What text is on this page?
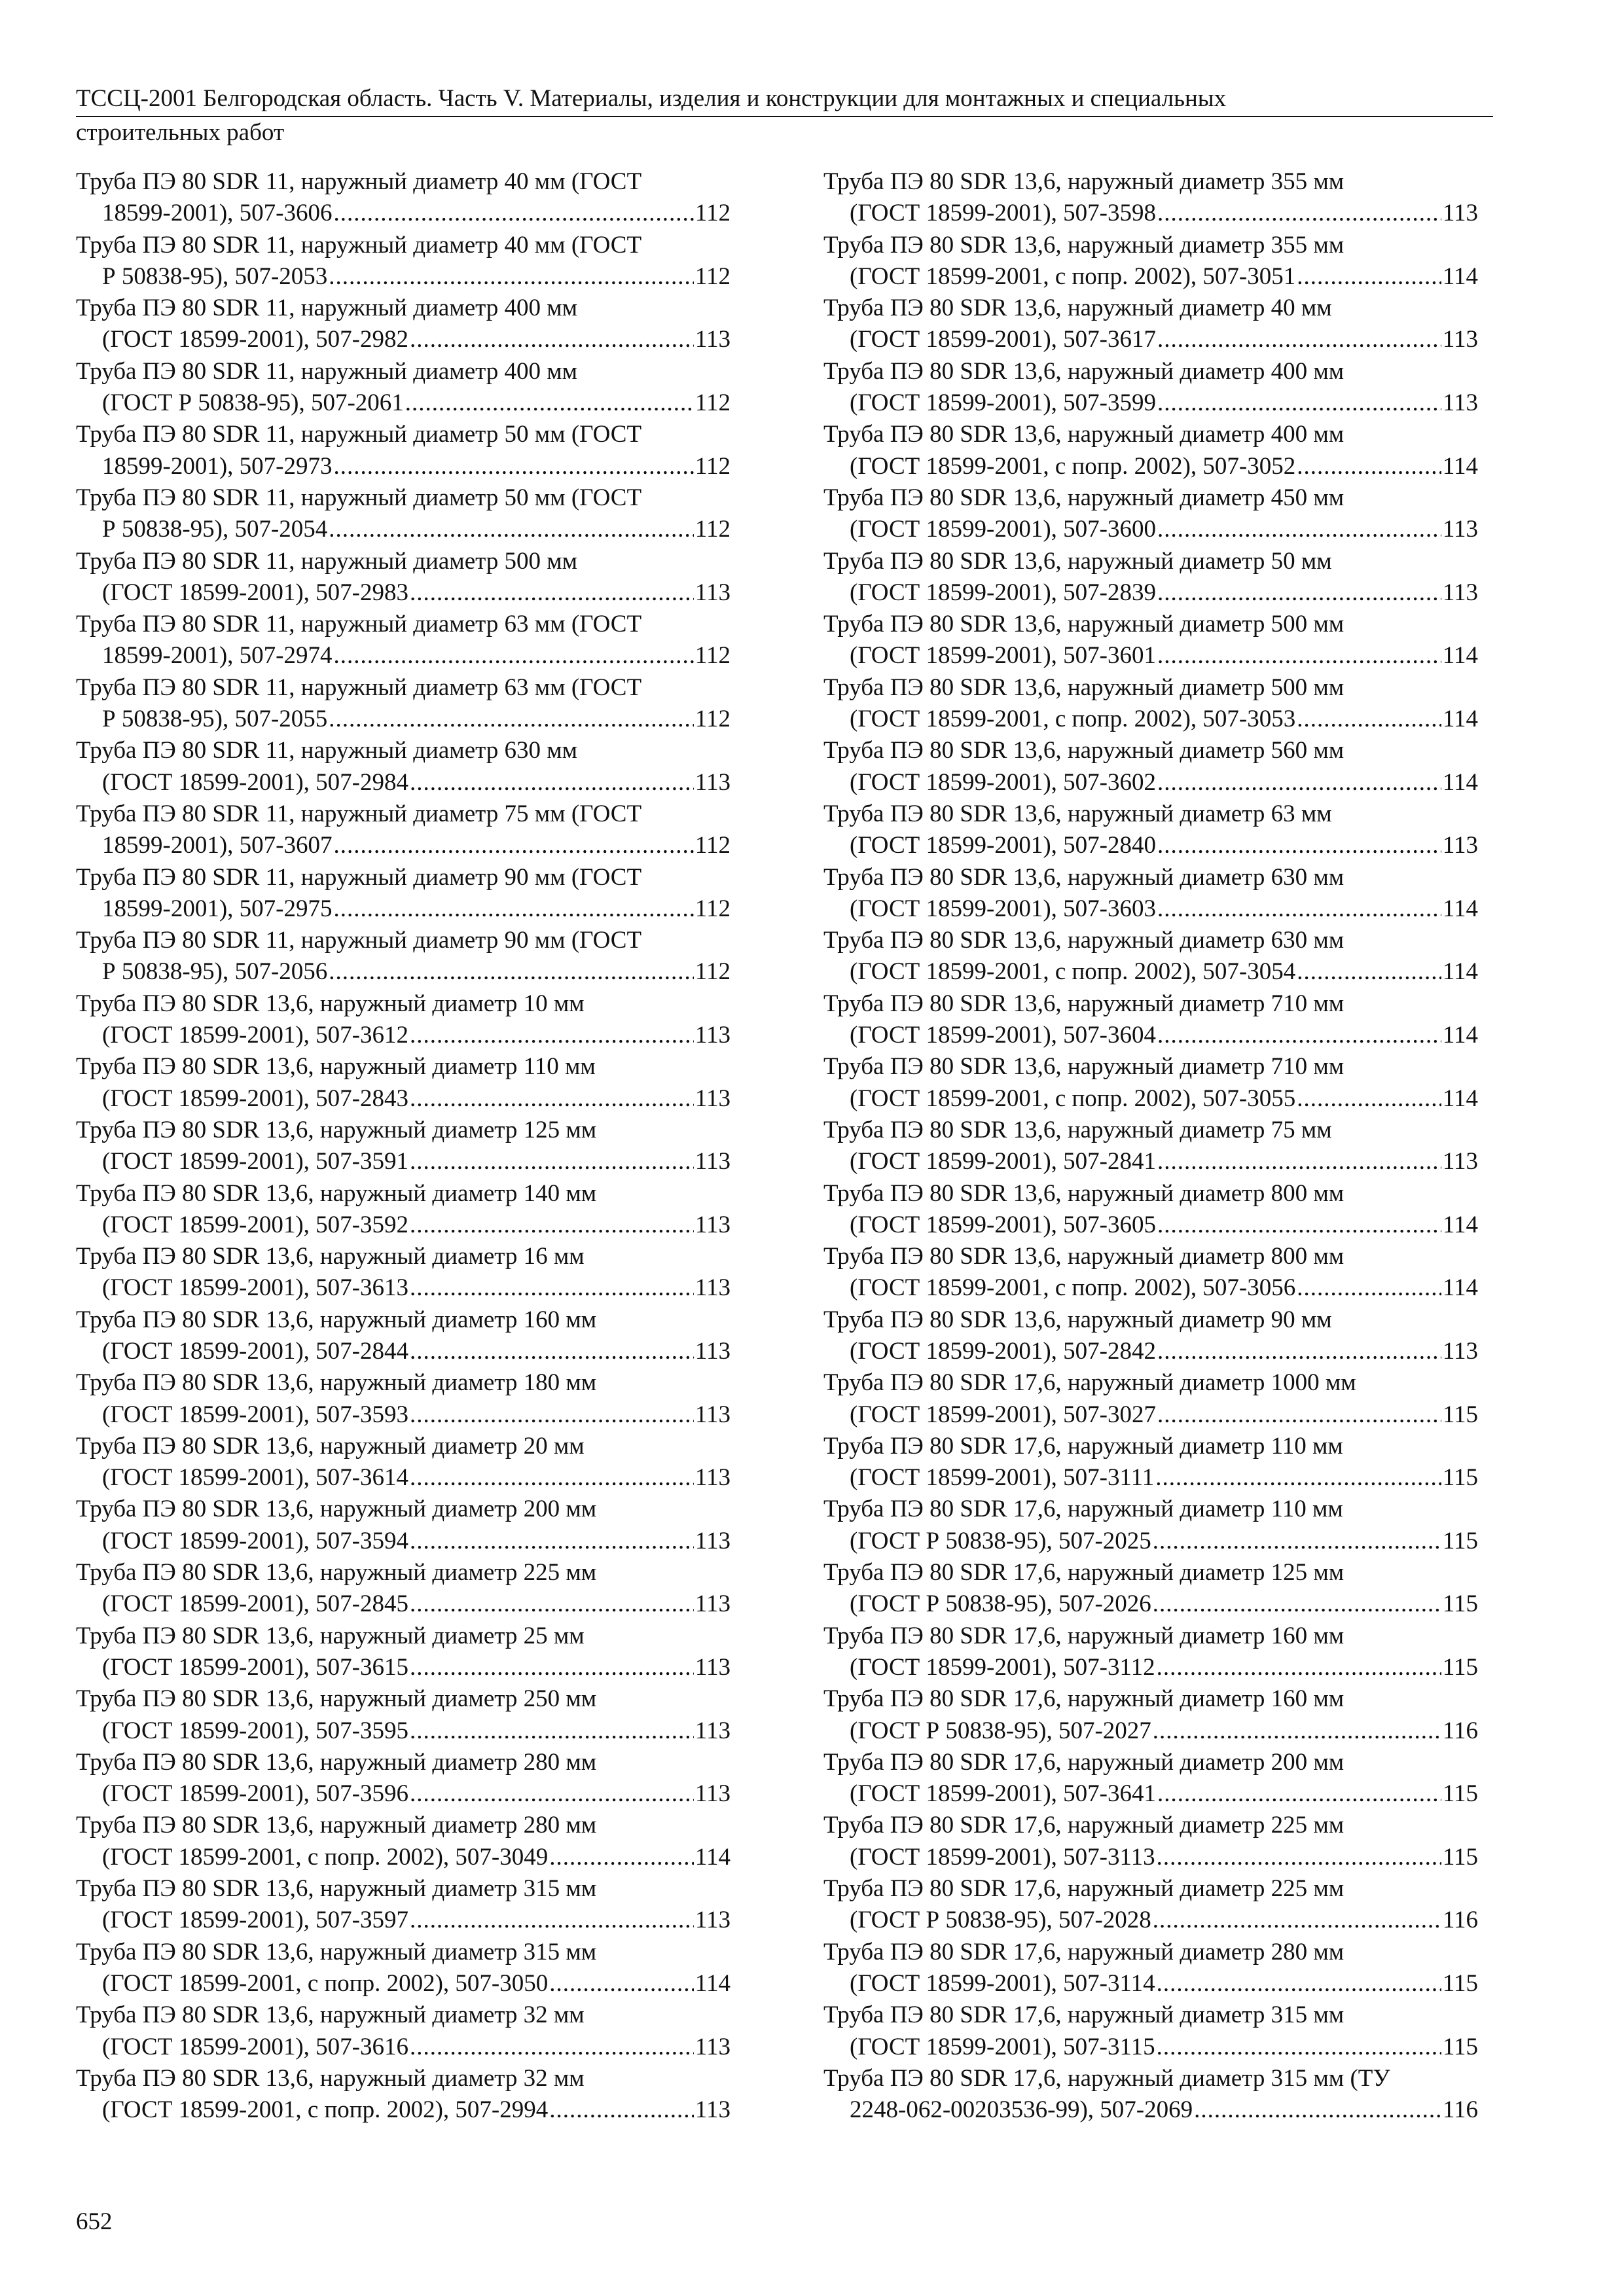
ТССЦ-2001 Белгородская область. Часть V. Материалы, изделия и конструкции для монтажных и специальных
строительных работ
Труба ПЭ 80 SDR 11, наружный диаметр 40 мм (ГОСТ
18599-2001), 507-3606 .....	112
Труба ПЭ 80 SDR 11, наружный диаметр 40 мм (ГОСТ
Р 50838-95), 507-2053 .....	112
Труба ПЭ 80 SDR 11, наружный диаметр 400 мм
(ГОСТ 18599-2001), 507-2982 .....	113
Труба ПЭ 80 SDR 11, наружный диаметр 400 мм
(ГОСТ Р 50838-95), 507-2061 .....	112
Труба ПЭ 80 SDR 11, наружный диаметр 50 мм (ГОСТ
18599-2001), 507-2973 .....	112
Труба ПЭ 80 SDR 11, наружный диаметр 50 мм (ГОСТ
Р 50838-95), 507-2054 .....	112
Труба ПЭ 80 SDR 11, наружный диаметр 500 мм
(ГОСТ 18599-2001), 507-2983 .....	113
Труба ПЭ 80 SDR 11, наружный диаметр 63 мм (ГОСТ
18599-2001), 507-2974 .....	112
Труба ПЭ 80 SDR 11, наружный диаметр 63 мм (ГОСТ
Р 50838-95), 507-2055 .....	112
Труба ПЭ 80 SDR 11, наружный диаметр 630 мм
(ГОСТ 18599-2001), 507-2984 .....	113
Труба ПЭ 80 SDR 11, наружный диаметр 75 мм (ГОСТ
18599-2001), 507-3607 .....	112
Труба ПЭ 80 SDR 11, наружный диаметр 90 мм (ГОСТ
18599-2001), 507-2975 .....	112
Труба ПЭ 80 SDR 11, наружный диаметр 90 мм (ГОСТ
Р 50838-95), 507-2056 .....	112
Труба ПЭ 80 SDR 13,6, наружный диаметр 10 мм
(ГОСТ 18599-2001), 507-3612 .....	113
Труба ПЭ 80 SDR 13,6, наружный диаметр 110 мм
(ГОСТ 18599-2001), 507-2843 .....	113
Труба ПЭ 80 SDR 13,6, наружный диаметр 125 мм
(ГОСТ 18599-2001), 507-3591 .....	113
Труба ПЭ 80 SDR 13,6, наружный диаметр 140 мм
(ГОСТ 18599-2001), 507-3592 .....	113
Труба ПЭ 80 SDR 13,6, наружный диаметр 16 мм
(ГОСТ 18599-2001), 507-3613 .....	113
Труба ПЭ 80 SDR 13,6, наружный диаметр 160 мм
(ГОСТ 18599-2001), 507-2844 .....	113
Труба ПЭ 80 SDR 13,6, наружный диаметр 180 мм
(ГОСТ 18599-2001), 507-3593 .....	113
Труба ПЭ 80 SDR 13,6, наружный диаметр 20 мм
(ГОСТ 18599-2001), 507-3614 .....	113
Труба ПЭ 80 SDR 13,6, наружный диаметр 200 мм
(ГОСТ 18599-2001), 507-3594 .....	113
Труба ПЭ 80 SDR 13,6, наружный диаметр 225 мм
(ГОСТ 18599-2001), 507-2845 .....	113
Труба ПЭ 80 SDR 13,6, наружный диаметр 25 мм
(ГОСТ 18599-2001), 507-3615 .....	113
Труба ПЭ 80 SDR 13,6, наружный диаметр 250 мм
(ГОСТ 18599-2001), 507-3595 .....	113
Труба ПЭ 80 SDR 13,6, наружный диаметр 280 мм
(ГОСТ 18599-2001), 507-3596 .....	113
Труба ПЭ 80 SDR 13,6, наружный диаметр 280 мм
(ГОСТ 18599-2001, с попр. 2002), 507-3049 .....	114
Труба ПЭ 80 SDR 13,6, наружный диаметр 315 мм
(ГОСТ 18599-2001), 507-3597 .....	113
Труба ПЭ 80 SDR 13,6, наружный диаметр 315 мм
(ГОСТ 18599-2001, с попр. 2002), 507-3050 .....	114
Труба ПЭ 80 SDR 13,6, наружный диаметр 32 мм
(ГОСТ 18599-2001), 507-3616 .....	113
Труба ПЭ 80 SDR 13,6, наружный диаметр 32 мм
(ГОСТ 18599-2001, с попр. 2002), 507-2994 .....	113
Труба ПЭ 80 SDR 13,6, наружный диаметр 355 мм
(ГОСТ 18599-2001), 507-3598 .....	113
Труба ПЭ 80 SDR 13,6, наружный диаметр 355 мм
(ГОСТ 18599-2001, с попр. 2002), 507-3051 .....	114
Труба ПЭ 80 SDR 13,6, наружный диаметр 40 мм
(ГОСТ 18599-2001), 507-3617 .....	113
Труба ПЭ 80 SDR 13,6, наружный диаметр 400 мм
(ГОСТ 18599-2001), 507-3599 .....	113
Труба ПЭ 80 SDR 13,6, наружный диаметр 400 мм
(ГОСТ 18599-2001, с попр. 2002), 507-3052 .....	114
Труба ПЭ 80 SDR 13,6, наружный диаметр 450 мм
(ГОСТ 18599-2001), 507-3600 .....	113
Труба ПЭ 80 SDR 13,6, наружный диаметр 50 мм
(ГОСТ 18599-2001), 507-2839 .....	113
Труба ПЭ 80 SDR 13,6, наружный диаметр 500 мм
(ГОСТ 18599-2001), 507-3601 .....	114
Труба ПЭ 80 SDR 13,6, наружный диаметр 500 мм
(ГОСТ 18599-2001, с попр. 2002), 507-3053 .....	114
Труба ПЭ 80 SDR 13,6, наружный диаметр 560 мм
(ГОСТ 18599-2001), 507-3602 .....	114
Труба ПЭ 80 SDR 13,6, наружный диаметр 63 мм
(ГОСТ 18599-2001), 507-2840 .....	113
Труба ПЭ 80 SDR 13,6, наружный диаметр 630 мм
(ГОСТ 18599-2001), 507-3603 .....	114
Труба ПЭ 80 SDR 13,6, наружный диаметр 630 мм
(ГОСТ 18599-2001, с попр. 2002), 507-3054 .....	114
Труба ПЭ 80 SDR 13,6, наружный диаметр 710 мм
(ГОСТ 18599-2001), 507-3604 .....	114
Труба ПЭ 80 SDR 13,6, наружный диаметр 710 мм
(ГОСТ 18599-2001, с попр. 2002), 507-3055 .....	114
Труба ПЭ 80 SDR 13,6, наружный диаметр 75 мм
(ГОСТ 18599-2001), 507-2841 .....	113
Труба ПЭ 80 SDR 13,6, наружный диаметр 800 мм
(ГОСТ 18599-2001), 507-3605 .....	114
Труба ПЭ 80 SDR 13,6, наружный диаметр 800 мм
(ГОСТ 18599-2001, с попр. 2002), 507-3056 .....	114
Труба ПЭ 80 SDR 13,6, наружный диаметр 90 мм
(ГОСТ 18599-2001), 507-2842 .....	113
Труба ПЭ 80 SDR 17,6, наружный диаметр 1000 мм
(ГОСТ 18599-2001), 507-3027 .....	115
Труба ПЭ 80 SDR 17,6, наружный диаметр 110 мм
(ГОСТ 18599-2001), 507-3111 .....	115
Труба ПЭ 80 SDR 17,6, наружный диаметр 110 мм
(ГОСТ Р 50838-95), 507-2025 .....	115
Труба ПЭ 80 SDR 17,6, наружный диаметр 125 мм
(ГОСТ Р 50838-95), 507-2026 .....	115
Труба ПЭ 80 SDR 17,6, наружный диаметр 160 мм
(ГОСТ 18599-2001), 507-3112 .....	115
Труба ПЭ 80 SDR 17,6, наружный диаметр 160 мм
(ГОСТ Р 50838-95), 507-2027 .....	116
Труба ПЭ 80 SDR 17,6, наружный диаметр 200 мм
(ГОСТ 18599-2001), 507-3641 .....	115
Труба ПЭ 80 SDR 17,6, наружный диаметр 225 мм
(ГОСТ 18599-2001), 507-3113 .....	115
Труба ПЭ 80 SDR 17,6, наружный диаметр 225 мм
(ГОСТ Р 50838-95), 507-2028 .....	116
Труба ПЭ 80 SDR 17,6, наружный диаметр 280 мм
(ГОСТ 18599-2001), 507-3114 .....	115
Труба ПЭ 80 SDR 17,6, наружный диаметр 315 мм
(ГОСТ 18599-2001), 507-3115 .....	115
Труба ПЭ 80 SDR 17,6, наружный диаметр 315 мм (ТУ
2248-062-00203536-99), 507-2069 .....	116
652
